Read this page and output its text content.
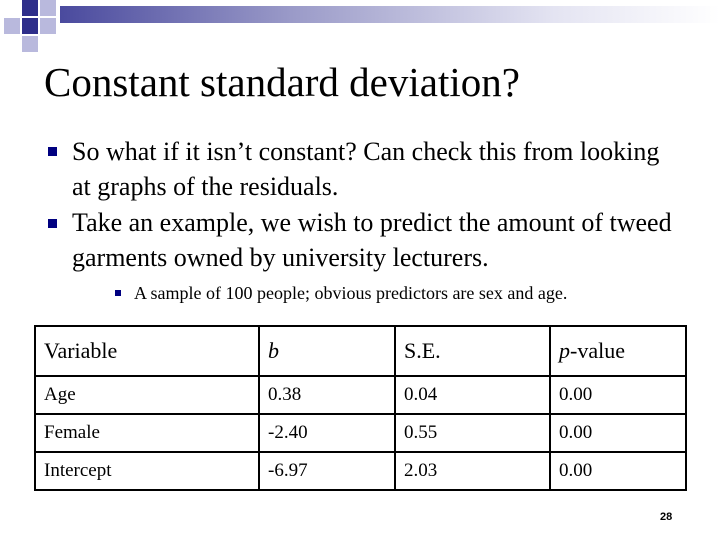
Constant standard deviation?
So what if it isn’t constant? Can check this from looking at graphs of the residuals.
Take an example, we wish to predict the amount of tweed garments owned by university lecturers.
A sample of 100 people; obvious predictors are sex and age.
Variable	b	S.E.	p-value
Age	0.38	0.04	0.00
Female	-2.40	0.55	0.00
Intercept	-6.97	2.03	0.00
28
